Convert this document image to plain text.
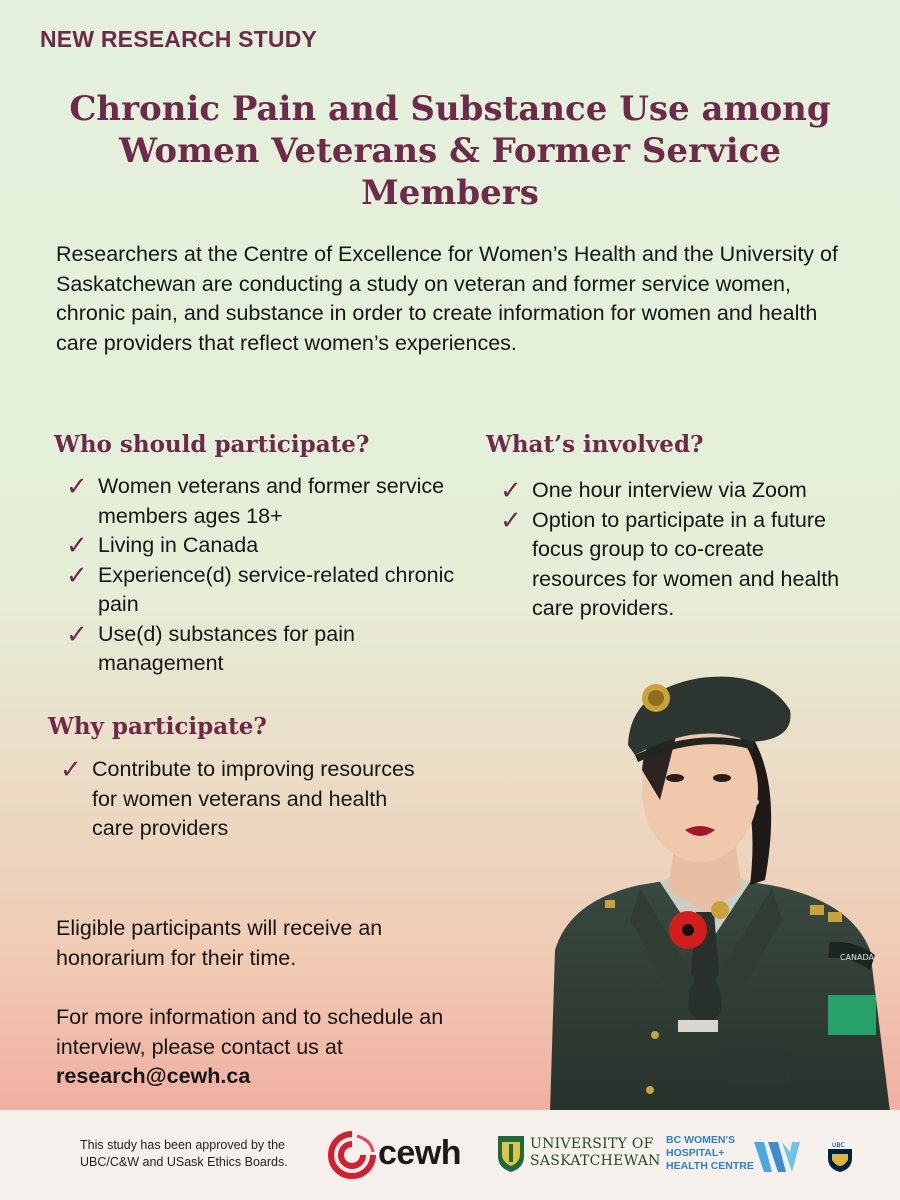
NEW RESEARCH STUDY
Chronic Pain and Substance Use among Women Veterans & Former Service Members

Researchers at the Centre of Excellence for Women’s Health and the University of Saskatchewan are conducting a study on veteran and former service women, chronic pain, and substance in order to create information for women and health care providers that reflect women’s experiences.

Who should participate?
✓ Women veterans and former service members ages 18+
✓ Living in Canada
✓ Experience(d) service-related chronic pain
✓ Use(d) substances for pain management
What’s involved?
✓ One hour interview via Zoom
✓ Option to participate in a future focus group to co-create resources for women and health care providers.
Why participate?
✓ Contribute to improving resources for women veterans and health care providers

Eligible participants will receive an honorarium for their time.

For more information and to schedule an interview, please contact us at
research@cewh.ca

CANADA

This study has been approved by the UBC/C&W and USask Ethics Boards.	cewh	UNIVERSITY OF
SASKATCHEWAN
BC WOMEN'S
HOSPITAL+
HEALTH CENTRE
UBC
